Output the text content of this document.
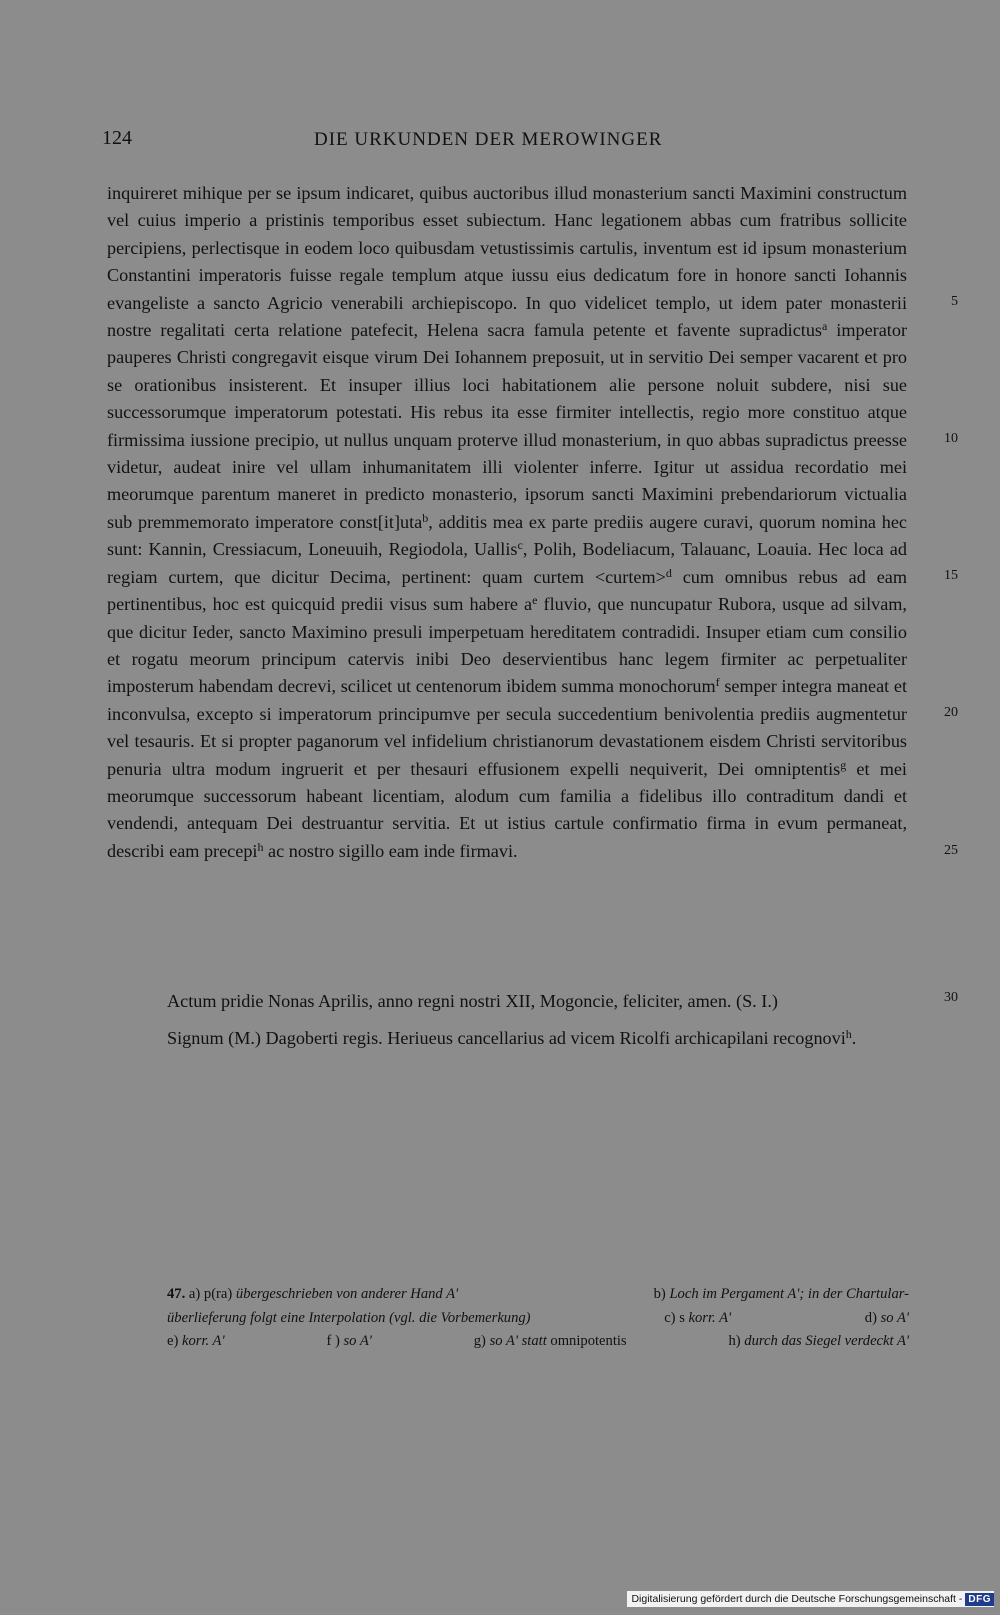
124	DIE URKUNDEN DER MEROWINGER
inquireret mihique per se ipsum indicaret, quibus auctoribus illud monasterium sancti Maximini constructum vel cuius imperio a pristinis temporibus esset subiectum. Hanc legationem abbas cum fratribus sollicite percipiens, perlectisque in eodem loco quibusdam vetustissimis cartulis, inventum est id ipsum monasterium Constantini imperatoris fuisse regale templum atque iussu eius dedicatum fore in honore sancti Iohannis evangeliste a sancto Agricio venerabili archiepiscopo. In quo videlicet templo, ut idem pater monasterii nostre regalitati certa relatione patefecit, Helena sacra famula petente et favente supradictus$^a$ imperator pauperes Christi congregavit eisque virum Dei Iohannem preposuit, ut in servitio Dei semper vacarent et pro se orationibus insisterent. Et insuper illius loci habitationem alie persone noluit subdere, nisi sue successorumque imperatorum potestati. His rebus ita esse firmiter intellectis, regio more constituo atque firmissima iussione precipio, ut nullus unquam proterve illud monasterium, in quo abbas supradictus preesse videtur, audeat inire vel ullam inhumanitatem illi violenter inferre. Igitur ut assidua recordatio mei meorumque parentum maneret in predicto monasterio, ipsorum sancti Maximini prebendariorum victualia sub premmemorato imperatore const[it]uta$^b$, additis mea ex parte prediis augere curavi, quorum nomina hec sunt: Kannin, Cressiacum, Loneuuih, Regiodola, Uallis$^c$, Polih, Bodeliacum, Talauanc, Loauia. Hec loca ad regiam curtem, que dicitur Decima, pertinent: quam curtem <curtem>$^d$ cum omnibus rebus ad eam pertinentibus, hoc est quicquid predii visus sum habere $a^e$ fluvio, que nuncupatur Rubora, usque ad silvam, que dicitur Ieder, sancto Maximino presuli imperpetuam hereditatem contradidi. Insuper etiam cum consilio et rogatu meorum principum catervis inibi Deo deservientibus hanc legem firmiter ac perpetualiter imposterum habendam decrevi, scilicet ut centenorum ibidem summa monochorum$^f$ semper integra maneat et inconvulsa, excepto si imperatorum principumve per secula succedentium benivolentia prediis augmentetur vel tesauris. Et si propter paganorum vel infidelium christianorum devastationem eisdem Christi servitoribus penuria ultra modum ingruerit et per thesauri effusionem expelli nequiverit, Dei omniptentis$^g$ et mei meorumque successorum habeant licentiam, alodum cum familia a fidelibus illo contraditum dandi et vendendi, antequam Dei destruantur servitia. Et ut istius cartule confirmatio firma in evum permaneat, describi eam precepi$^h$ ac nostro sigillo eam inde firmavi.
Actum pridie Nonas Aprilis, anno regni nostri XII, Mogoncie, feliciter, amen. (S. I.)
Signum (M.) Dagoberti regis. Heriueus cancellarius ad vicem Ricolfi archicapilani recognovi$^h$.
5
10
15
20
25
30
47. a) p(ra) übergeschrieben von anderer Hand A'	b) Loch im Pergament A'; in der Chartular-
überlieferung folgt eine Interpolation (vgl. die Vorbemerkung)	c) s korr. A'	d) so A'
e) korr. A'	f ) so A'	g) so A' statt omnipotentis	h) durch das Siegel verdeckt A'
Digitalisierung gefördert durch die Deutsche Forschungsgemeinschaft - DFG
